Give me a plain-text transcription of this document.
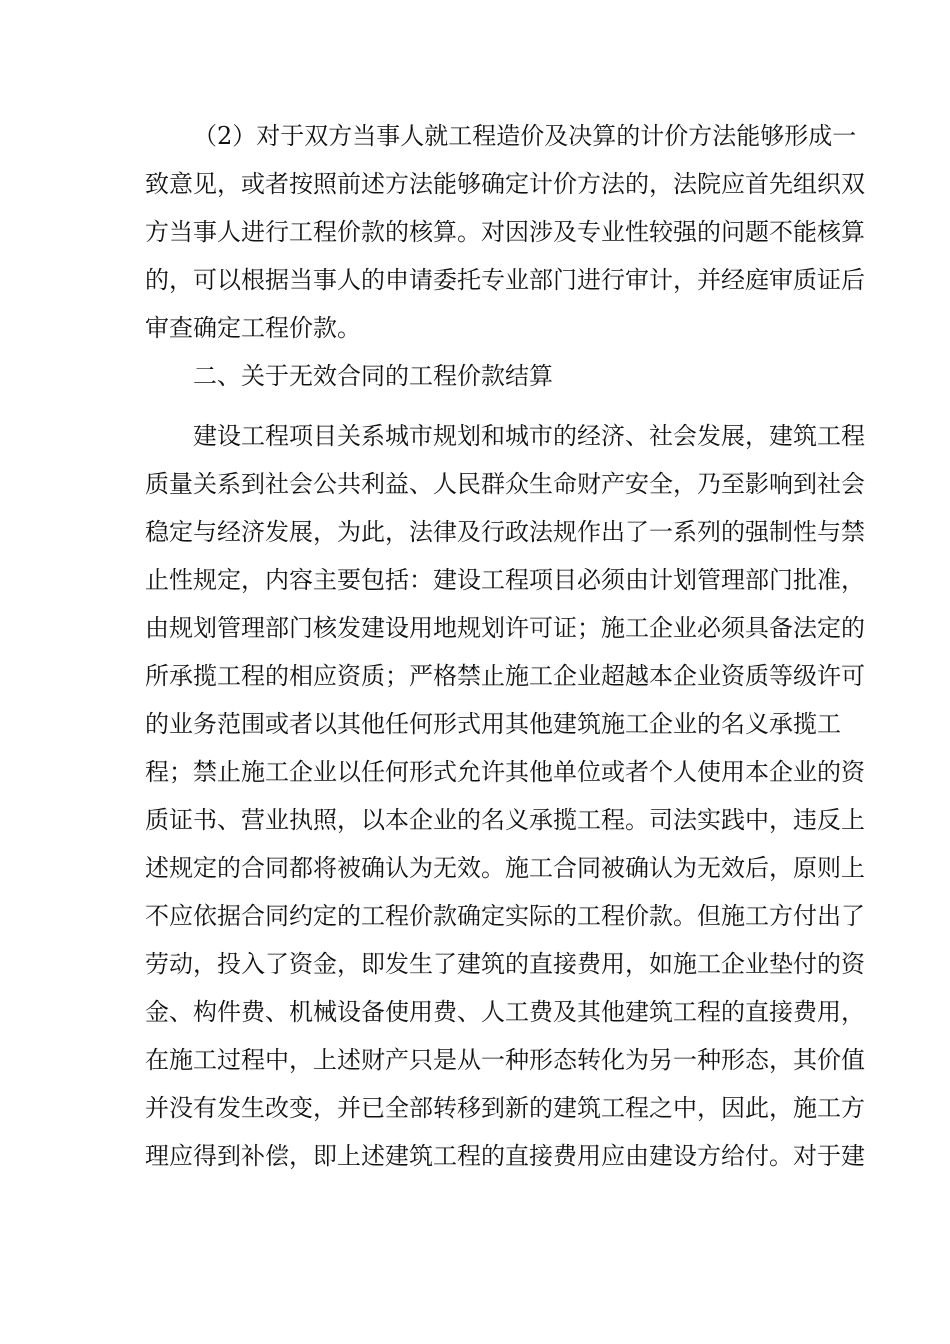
（2）对于双方当事人就工程造价及决算的计价方法能够形成一
致意见，或者按照前述方法能够确定计价方法的，法院应首先组织双
方当事人进行工程价款的核算。对因涉及专业性较强的问题不能核算
的，可以根据当事人的申请委托专业部门进行审计，并经庭审质证后
审查确定工程价款。
二、关于无效合同的工程价款结算
建设工程项目关系城市规划和城市的经济、社会发展，建筑工程
质量关系到社会公共利益、人民群众生命财产安全，乃至影响到社会
稳定与经济发展，为此，法律及行政法规作出了一系列的强制性与禁
止性规定，内容主要包括：建设工程项目必须由计划管理部门批准，
由规划管理部门核发建设用地规划许可证；施工企业必须具备法定的
所承揽工程的相应资质；严格禁止施工企业超越本企业资质等级许可
的业务范围或者以其他任何形式用其他建筑施工企业的名义承揽工
程；禁止施工企业以任何形式允许其他单位或者个人使用本企业的资
质证书、营业执照，以本企业的名义承揽工程。司法实践中，违反上
述规定的合同都将被确认为无效。施工合同被确认为无效后，原则上
不应依据合同约定的工程价款确定实际的工程价款。但施工方付出了
劳动，投入了资金，即发生了建筑的直接费用，如施工企业垫付的资
金、构件费、机械设备使用费、人工费及其他建筑工程的直接费用，
在施工过程中，上述财产只是从一种形态转化为另一种形态，其价值
并没有发生改变，并已全部转移到新的建筑工程之中，因此，施工方
理应得到补偿，即上述建筑工程的直接费用应由建设方给付。对于建
